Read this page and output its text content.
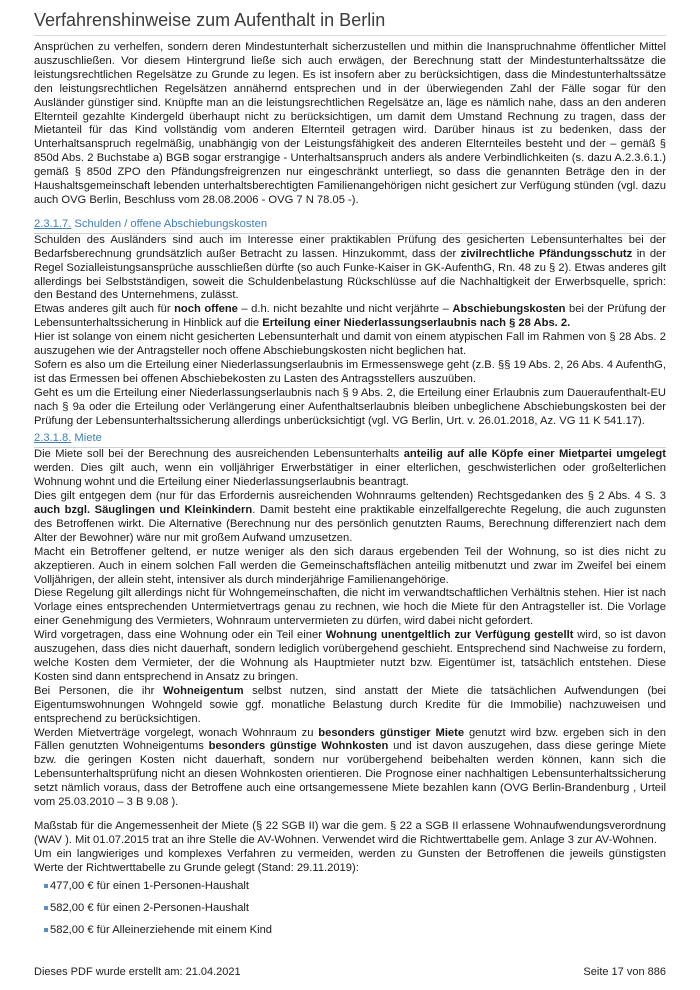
Verfahrenshinweise zum Aufenthalt in Berlin

Ansprüchen zu verhelfen, sondern deren Mindestunterhalt sicherzustellen und mithin die Inanspruchnahme öffentlicher Mittel auszuschließen. Vor diesem Hintergrund ließe sich auch erwägen, der Berechnung statt der Mindestunterhaltssätze die leistungsrechtlichen Regelsätze zu Grunde zu legen. Es ist insofern aber zu berücksichtigen, dass die Mindestunterhaltssätze den leistungsrechtlichen Regelsätzen annähernd entsprechen und in der überwiegenden Zahl der Fälle sogar für den Ausländer günstiger sind. Knüpfte man an die leistungsrechtlichen Regelsätze an, läge es nämlich nahe, dass an den anderen Elternteil gezahlte Kindergeld überhaupt nicht zu berücksichtigen, um damit dem Umstand Rechnung zu tragen, dass der Mietanteil für das Kind vollständig vom anderen Elternteil getragen wird. Darüber hinaus ist zu bedenken, dass der Unterhaltsanspruch regelmäßig, unabhängig von der Leistungsfähigkeit des anderen Elternteiles besteht und der – gemäß § 850d Abs. 2 Buchstabe a) BGB sogar erstrangige - Unterhaltsanspruch anders als andere Verbindlichkeiten (s. dazu A.2.3.6.1.) gemäß § 850d ZPO den Pfändungsfreigrenzen nur eingeschränkt unterliegt, so dass die genannten Beträge den in der Haushaltsgemeinschaft lebenden unterhaltsberechtigten Familienangehörigen nicht gesichert zur Verfügung stünden (vgl. dazu auch OVG Berlin, Beschluss vom 28.08.2006 - OVG 7 N 78.05 -).

2.3.1.7. Schulden / offene Abschiebungskosten

Schulden des Ausländers sind auch im Interesse einer praktikablen Prüfung des gesicherten Lebensunterhaltes bei der Bedarfsberechnung grundsätzlich außer Betracht zu lassen. Hinzukommt, dass der zivilrechtliche Pfändungsschutz in der Regel Sozialleistungsansprüche ausschließen dürfte (so auch Funke-Kaiser in GK-AufenthG, Rn. 48 zu § 2). Etwas anderes gilt allerdings bei Selbstständigen, soweit die Schuldenbelastung Rückschlüsse auf die Nachhaltigkeit der Erwerbsquelle, sprich: den Bestand des Unternehmens, zulässt.

Etwas anderes gilt auch für noch offene – d.h. nicht bezahlte und nicht verjährte – Abschiebungskosten bei der Prüfung der Lebensunterhaltssicherung in Hinblick auf die Erteilung einer Niederlassungserlaubnis nach § 28 Abs. 2.

Hier ist solange von einem nicht gesicherten Lebensunterhalt und damit von einem atypischen Fall im Rahmen von § 28 Abs. 2 auszugehen wie der Antragsteller noch offene Abschiebungskosten nicht beglichen hat.

Sofern es also um die Erteilung einer Niederlassungserlaubnis im Ermessenswege geht (z.B. §§ 19 Abs. 2, 26 Abs. 4 AufenthG, ist das Ermessen bei offenen Abschiebekosten zu Lasten des Antragsstellers auszuüben.

Geht es um die Erteilung einer Niederlassungserlaubnis nach § 9 Abs. 2, die Erteilung einer Erlaubnis zum Daueraufenthalt-EU nach § 9a oder die Erteilung oder Verlängerung einer Aufenthaltserlaubnis bleiben unbeglichene Abschiebungskosten bei der Prüfung der Lebensunterhaltssicherung allerdings unberücksichtigt (vgl. VG Berlin, Urt. v. 26.01.2018, Az. VG 11 K 541.17).

2.3.1.8. Miete

Die Miete soll bei der Berechnung des ausreichenden Lebensunterhalts anteilig auf alle Köpfe einer Mietpartei umgelegt werden. Dies gilt auch, wenn ein volljähriger Erwerbstätiger in einer elterlichen, geschwisterlichen oder großelterlichen Wohnung wohnt und die Erteilung einer Niederlassungserlaubnis beantragt.

Dies gilt entgegen dem (nur für das Erfordernis ausreichenden Wohnraums geltenden) Rechtsgedanken des § 2 Abs. 4 S. 3 auch bzgl. Säuglingen und Kleinkindern. Damit besteht eine praktikable einzelfallgerechte Regelung, die auch zugunsten des Betroffenen wirkt. Die Alternative (Berechnung nur des persönlich genutzten Raums, Berechnung differenziert nach dem Alter der Bewohner) wäre nur mit großem Aufwand umzusetzen.

Macht ein Betroffener geltend, er nutze weniger als den sich daraus ergebenden Teil der Wohnung, so ist dies nicht zu akzeptieren. Auch in einem solchen Fall werden die Gemeinschaftsflächen anteilig mitbenutzt und zwar im Zweifel bei einem Volljährigen, der allein steht, intensiver als durch minderjährige Familienangehörige.

Diese Regelung gilt allerdings nicht für Wohngemeinschaften, die nicht im verwandtschaftlichen Verhältnis stehen. Hier ist nach Vorlage eines entsprechenden Untermietvertrags genau zu rechnen, wie hoch die Miete für den Antragsteller ist. Die Vorlage einer Genehmigung des Vermieters, Wohnraum untervermieten zu dürfen, wird dabei nicht gefordert.

Wird vorgetragen, dass eine Wohnung oder ein Teil einer Wohnung unentgeltlich zur Verfügung gestellt wird, so ist davon auszugehen, dass dies nicht dauerhaft, sondern lediglich vorübergehend geschieht. Entsprechend sind Nachweise zu fordern, welche Kosten dem Vermieter, der die Wohnung als Hauptmieter nutzt bzw. Eigentümer ist, tatsächlich entstehen. Diese Kosten sind dann entsprechend in Ansatz zu bringen.

Bei Personen, die ihr Wohneigentum selbst nutzen, sind anstatt der Miete die tatsächlichen Aufwendungen (bei Eigentumswohnungen Wohngeld sowie ggf. monatliche Belastung durch Kredite für die Immobilie) nachzuweisen und entsprechend zu berücksichtigen.

Werden Mietverträge vorgelegt, wonach Wohnraum zu besonders günstiger Miete genutzt wird bzw. ergeben sich in den Fällen genutzten Wohneigentums besonders günstige Wohnkosten und ist davon auszugehen, dass diese geringe Miete bzw. die geringen Kosten nicht dauerhaft, sondern nur vorübergehend beibehalten werden können, kann sich die Lebensunterhaltsprüfung nicht an diesen Wohnkosten orientieren. Die Prognose einer nachhaltigen Lebensunterhaltssicherung setzt nämlich voraus, dass der Betroffene auch eine ortsangemessene Miete bezahlen kann (OVG Berlin-Brandenburg , Urteil vom 25.03.2010 – 3 B 9.08 ).

Maßstab für die Angemessenheit der Miete (§ 22 SGB II) war die gem. § 22 a SGB II erlassene Wohnaufwendungsverordnung (WAV ). Mit 01.07.2015 trat an ihre Stelle die AV-Wohnen. Verwendet wird die Richtwerttabelle gem. Anlage 3 zur AV-Wohnen.

Um ein langwieriges und komplexes Verfahren zu vermeiden, werden zu Gunsten der Betroffenen die jeweils günstigsten Werte der Richtwerttabelle zu Grunde gelegt (Stand: 29.11.2019):

477,00 € für einen 1-Personen-Haushalt
582,00 € für einen 2-Personen-Haushalt
582,00 € für Alleinerziehende mit einem Kind
Dieses PDF wurde erstellt am: 21.04.2021	Seite 17 von 886
